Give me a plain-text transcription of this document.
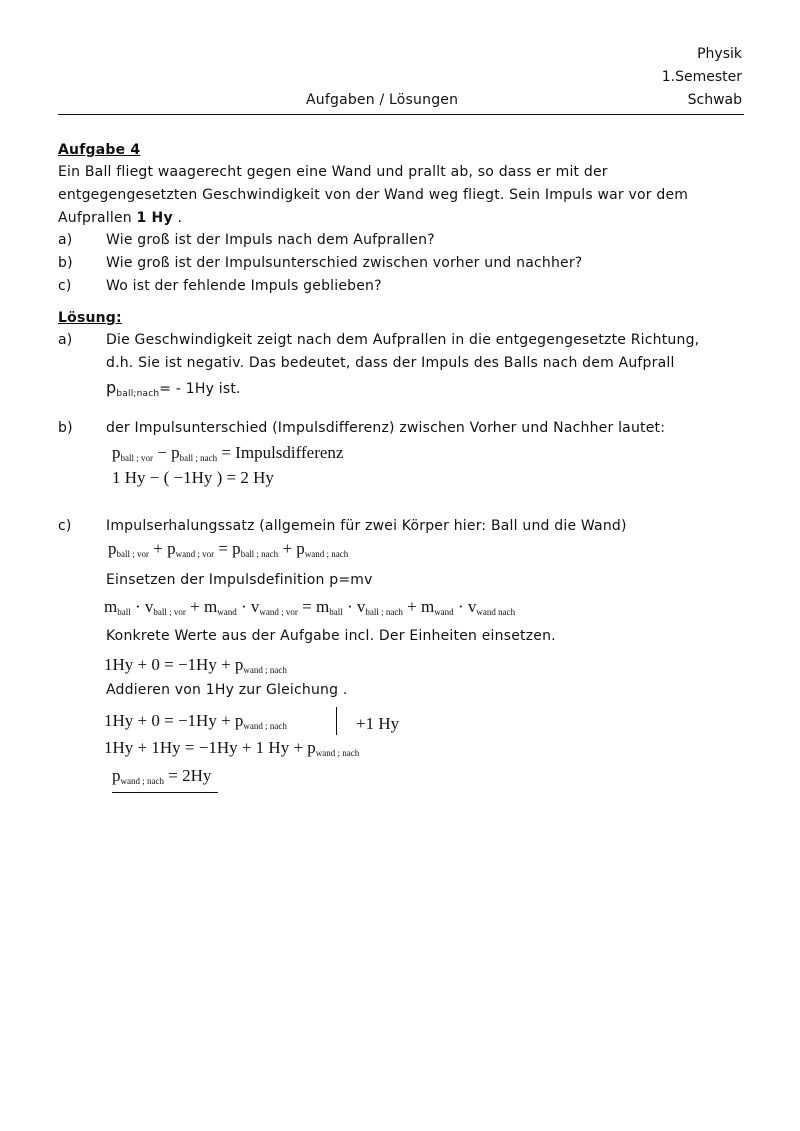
Physik
1.Semester
Schwab
Aufgaben / Lösungen
Aufgabe 4
Ein Ball fliegt waagerecht gegen eine Wand und prallt ab, so dass er mit der
entgegengesetzten Geschwindigkeit von der Wand weg fliegt. Sein Impuls war vor dem
Aufprallen 1 Hy .
a) Wie groß ist der Impuls nach dem Aufprallen?
b) Wie groß ist der Impulsunterschied zwischen vorher und nachher?
c) Wo ist der fehlende Impuls geblieben?
Lösung:
a) Die Geschwindigkeit zeigt nach dem Aufprallen in die entgegengesetzte Richtung,
d.h. Sie ist negativ. Das bedeutet, dass der Impuls des Balls nach dem Aufprall
$p_{ball;nach}= - 1Hy$ ist.
b) der Impulsunterschied (Impulsdifferenz) zwischen Vorher und Nachher lautet:
$p_{ball ; vor} - p_{ball ; nach}$ = Impulsdifferenz
1 Hy − ( −1Hy ) = 2 Hy
c) Impulserhalungssatz (allgemein für zwei Körper hier: Ball und die Wand)
$p_{ball ; vor} + p_{wand ; vor} = p_{ball ; nach} + p_{wand ; nach}$
Einsetzen der Impulsdefinition p=mv
$m_{ball} \cdot v_{ball ; vor} + m_{wand} \cdot v_{wand ; vor} = m_{ball} \cdot v_{ball ; nach} + m_{wand} \cdot v_{wand nach}$
Konkrete Werte aus der Aufgabe incl. Der Einheiten einsetzen.
$1Hy + 0 = -1Hy + p_{wand ; nach}$
Addieren von 1Hy zur Gleichung .
$1Hy + 0 = -1Hy + p_{wand ; nach}$	+1 Hy
1Hy + 1Hy = −1Hy + 1 $Hy + p_{wand ; nach}$
$p_{wand ; nach} = 2Hy$
